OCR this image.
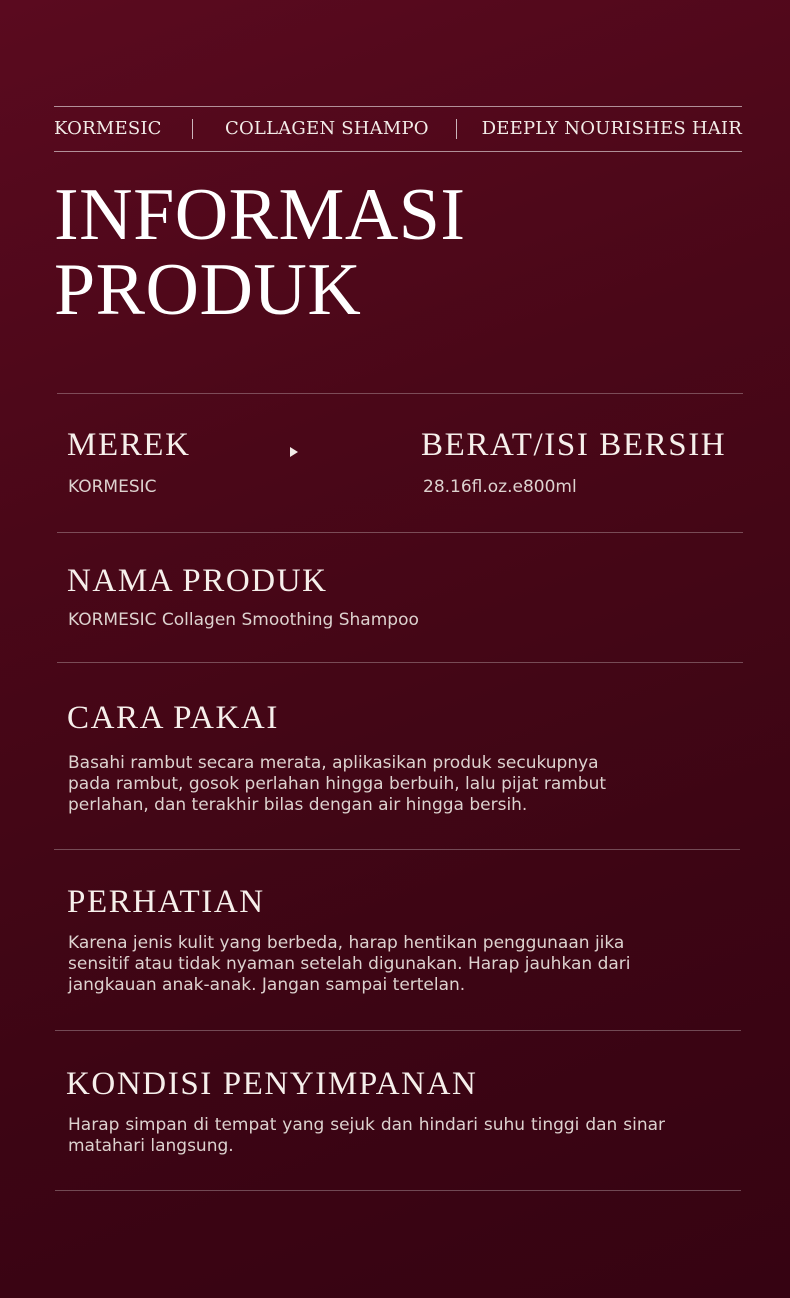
KORMESIC	COLLAGEN SHAMPO	DEEPLY NOURISHES HAIR
INFORMASI
PRODUK
MEREK

KORMESIC

BERAT/ISI BERSIH

28.16fl.oz.e800ml

NAMA PRODUK

KORMESIC Collagen Smoothing Shampoo

CARA PAKAI

Basahi rambut secara merata, aplikasikan produk secukupnya pada rambut, gosok perlahan hingga berbuih, lalu pijat rambut perlahan, dan terakhir bilas dengan air hingga bersih.

PERHATIAN

Karena jenis kulit yang berbeda, harap hentikan penggunaan jika sensitif atau tidak nyaman setelah digunakan. Harap jauhkan dari jangkauan anak-anak. Jangan sampai tertelan.

KONDISI PENYIMPANAN

Harap simpan di tempat yang sejuk dan hindari suhu tinggi dan sinar matahari langsung.
